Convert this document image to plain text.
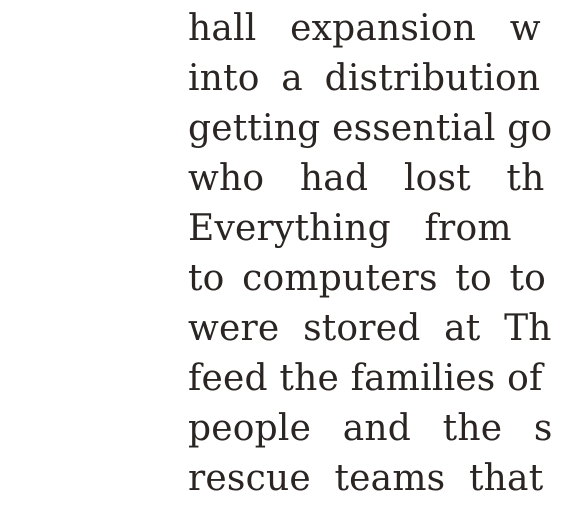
hall expansion w
into a distribution
getting essential go
who had lost th
Everything from
to computers to to
were stored at Th
feed the families of
people and the s
rescue teams that
